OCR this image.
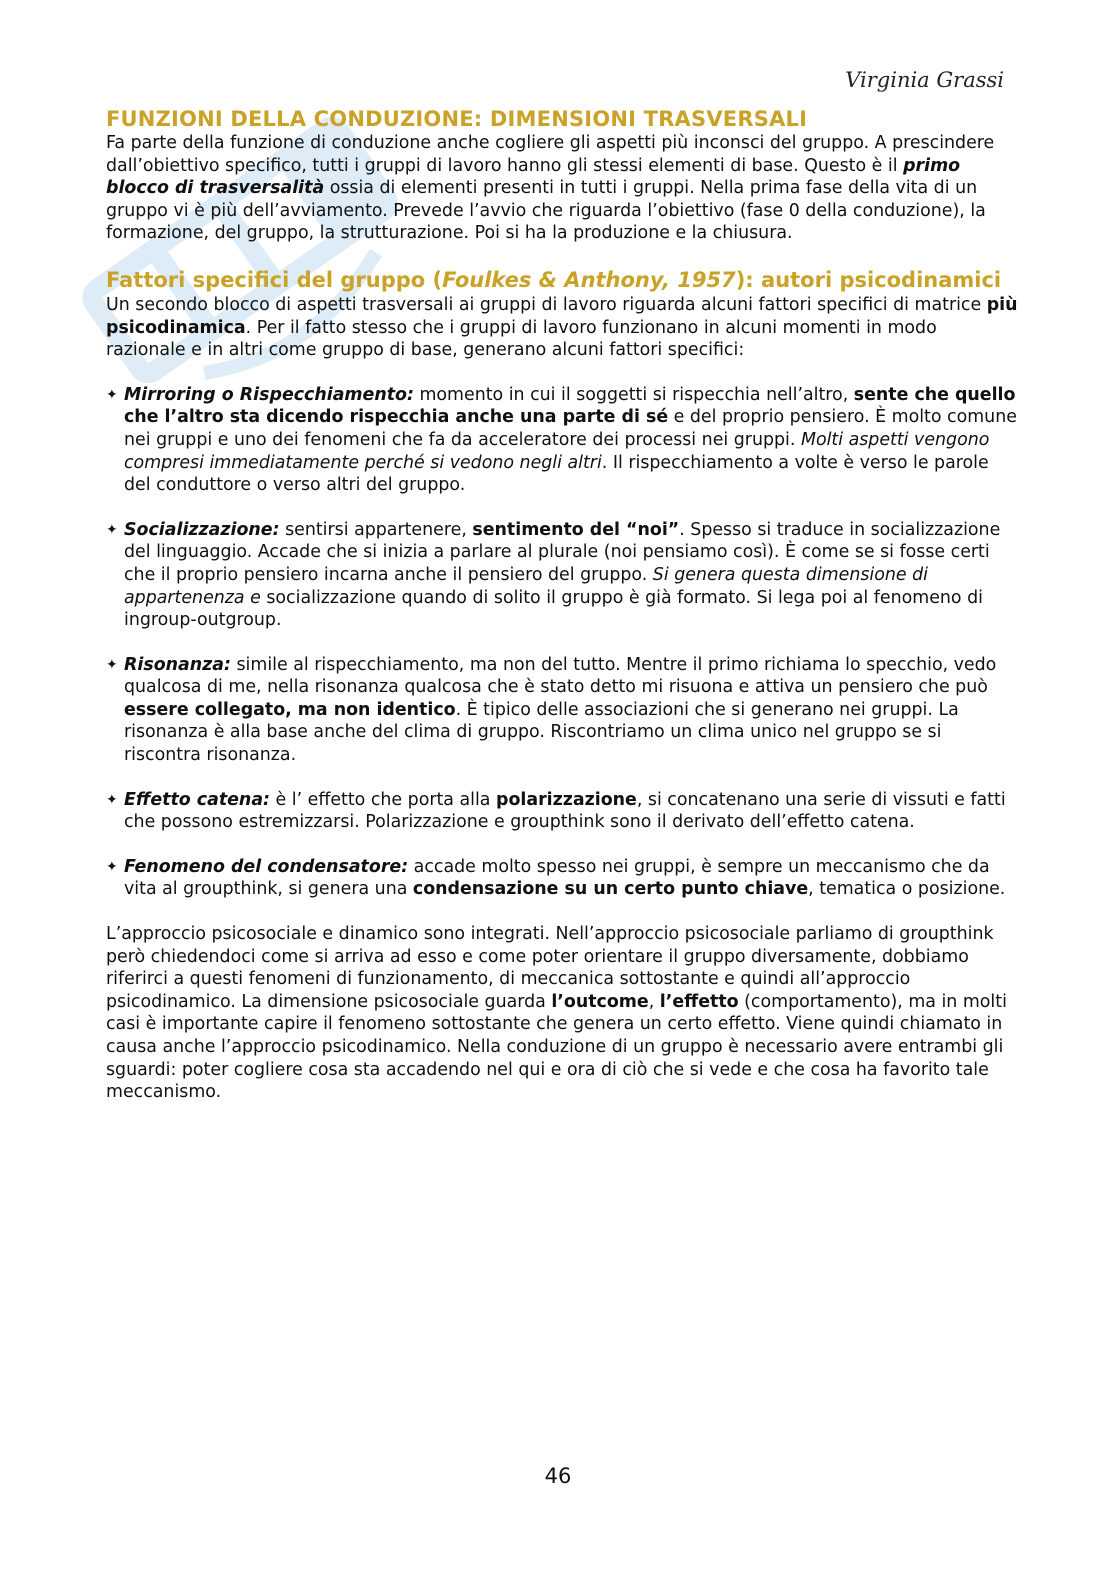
Virginia Grassi
FUNZIONI DELLA CONDUZIONE: DIMENSIONI TRASVERSALI

Fa parte della funzione di conduzione anche cogliere gli aspetti più inconsci del gruppo. A prescindere dall’obiettivo specifico, tutti i gruppi di lavoro hanno gli stessi elementi di base. Questo è il primo blocco di trasversalità ossia di elementi presenti in tutti i gruppi. Nella prima fase della vita di un gruppo vi è più dell’avviamento. Prevede l’avvio che riguarda l’obiettivo (fase 0 della conduzione), la formazione, del gruppo, la strutturazione. Poi si ha la produzione e la chiusura.

Fattori specifici del gruppo (Foulkes & Anthony, 1957): autori psicodinamici

Un secondo blocco di aspetti trasversali ai gruppi di lavoro riguarda alcuni fattori specifici di matrice più psicodinamica. Per il fatto stesso che i gruppi di lavoro funzionano in alcuni momenti in modo razionale e in altri come gruppo di base, generano alcuni fattori specifici:

✦ Mirroring o Rispecchiamento: momento in cui il soggetti si rispecchia nell’altro, sente che quello che l’altro sta dicendo rispecchia anche una parte di sé e del proprio pensiero. È molto comune nei gruppi e uno dei fenomeni che fa da acceleratore dei processi nei gruppi. Molti aspetti vengono compresi immediatamente perché si vedono negli altri. Il rispecchiamento a volte è verso le parole del conduttore o verso altri del gruppo.
✦ Socializzazione: sentirsi appartenere, sentimento del “noi”. Spesso si traduce in socializzazione del linguaggio. Accade che si inizia a parlare al plurale (noi pensiamo così). È come se si fosse certi che il proprio pensiero incarna anche il pensiero del gruppo. Si genera questa dimensione di appartenenza e socializzazione quando di solito il gruppo è già formato. Si lega poi al fenomeno di ingroup-outgroup.
✦ Risonanza: simile al rispecchiamento, ma non del tutto. Mentre il primo richiama lo specchio, vedo qualcosa di me, nella risonanza qualcosa che è stato detto mi risuona e attiva un pensiero che può essere collegato, ma non identico. È tipico delle associazioni che si generano nei gruppi. La risonanza è alla base anche del clima di gruppo. Riscontriamo un clima unico nel gruppo se si riscontra risonanza.
✦ Effetto catena: è l’ effetto che porta alla polarizzazione, si concatenano una serie di vissuti e fatti che possono estremizzarsi. Polarizzazione e groupthink sono il derivato dell’effetto catena.
✦ Fenomeno del condensatore: accade molto spesso nei gruppi, è sempre un meccanismo che da vita al groupthink, si genera una condensazione su un certo punto chiave, tematica o posizione.

L’approccio psicosociale e dinamico sono integrati. Nell’approccio psicosociale parliamo di groupthink però chiedendoci come si arriva ad esso e come poter orientare il gruppo diversamente, dobbiamo riferirci a questi fenomeni di funzionamento, di meccanica sottostante e quindi all’approccio psicodinamico. La dimensione psicosociale guarda l’outcome, l’effetto (comportamento), ma in molti casi è importante capire il fenomeno sottostante che genera un certo effetto. Viene quindi chiamato in causa anche l’approccio psicodinamico. Nella conduzione di un gruppo è necessario avere entrambi gli sguardi: poter cogliere cosa sta accadendo nel qui e ora di ciò che si vede e che cosa ha favorito tale meccanismo.

46
